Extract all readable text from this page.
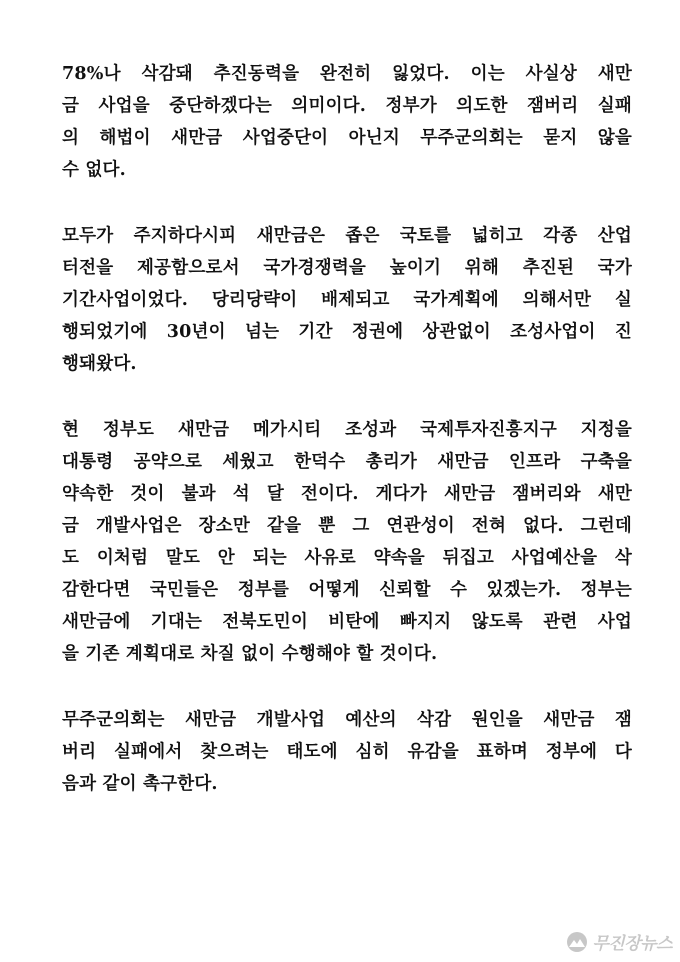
78%나 삭감돼 추진동력을 완전히 잃었다. 이는 사실상 새만
금 사업을 중단하겠다는 의미이다. 정부가 의도한 잼버리 실패
의 해법이 새만금 사업중단이 아닌지 무주군의회는 묻지 않을
수 없다.
모두가 주지하다시피 새만금은 좁은 국토를 넓히고 각종 산업
터전을 제공함으로서 국가경쟁력을 높이기 위해 추진된 국가
기간사업이었다. 당리당략이 배제되고 국가계획에 의해서만 실
행되었기에 30년이 넘는 기간 정권에 상관없이 조성사업이 진
행돼왔다.
현 정부도 새만금 메가시티 조성과 국제투자진흥지구 지정을
대통령 공약으로 세웠고 한덕수 총리가 새만금 인프라 구축을
약속한 것이 불과 석 달 전이다. 게다가 새만금 잼버리와 새만
금 개발사업은 장소만 같을 뿐 그 연관성이 전혀 없다. 그런데
도 이처럼 말도 안 되는 사유로 약속을 뒤집고 사업예산을 삭
감한다면 국민들은 정부를 어떻게 신뢰할 수 있겠는가. 정부는
새만금에 기대는 전북도민이 비탄에 빠지지 않도록 관련 사업
을 기존 계획대로 차질 없이 수행해야 할 것이다.
무주군의회는 새만금 개발사업 예산의 삭감 원인을 새만금 잼
버리 실패에서 찾으려는 태도에 심히 유감을 표하며 정부에 다
음과 같이 촉구한다.
무진장뉴스
